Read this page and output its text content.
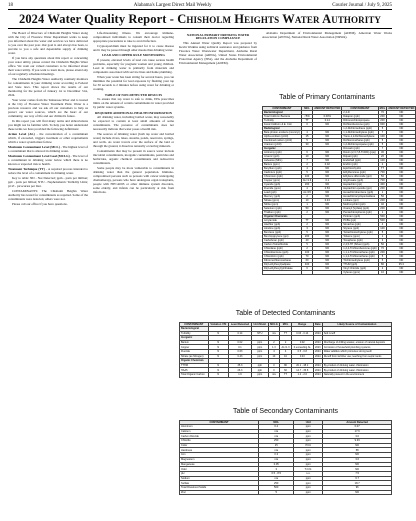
18	Alabama's Largest Direct Mail Weekly	Courier Journal / July 9, 2025
2024 Water Quality Report - Chisholm Heights Water Authority

The Board of Directors of Chisholm Heights Water along with the City of Florence Water Department wants to keep you informed about the water and services we have delivered to you over the past year. Our goal is and always has been, to provide to you a safe and dependable supply of drinking water.

If you have any questions about this report or concerning your water utility, please contact the Chisholm Heights Water office. We want our valued customers to be informed about their water utility. If you want to learn more, please attend any of our regularly scheduled meetings.

The Chisholm Heights Water Authority routinely monitors for contaminants in your drinking water according to Federal and State laws. This report shows the results of our monitoring for the period of January 1st to December 31st, 2024.

Your water comes from the Tennessee River and is treated at the City of Florence Water Treatment Plant. Water is a precious resource and we ask all our customers to help us protect our water sources, which are the heart of our community, our way of life and our children's future.

In this report you will find many terms and abbreviations you might not be familiar with. To help you better understand these terms we have provided the following definitions:

Action Level (AL) - the concentration of a contaminant which, if exceeded, triggers treatment or other requirements which a water system must follow.

Maximum Contaminant Level (MCL) - The highest level of a contaminant that is allowed in drinking water.

Maximum Contaminant Level Goal (MCLG) - The level of a contaminant in drinking water below which there is no known or expected risk to health.

Treatment Technique (TT) - A required process intended to reduce the level of a contaminant in drinking water.

Key to table: ND - Not Detected; ppm - parts per million; ppb - parts per billion; NTU - Nephelometric Turbidity Units; pCi/l - picocuries per liter.

CONTAMINANTS: The Chisholm Heights Water Authority has tested for contaminants as required. Some of the contaminants were detected, others were not.

Please call our office if you have questions.

Life-threatening illness. We encourage immune-compromised individuals to consult their doctor regarding appropriate precautions to take to avoid infection.

Cryptosporidium must be ingested for it to cause disease and it may be passed through other means than drinking water.

LEAD AND COPPER RULE MONITORING

If present, elevated levels of lead can cause serious health problems, especially for pregnant women and young children. Lead in drinking water is primarily from materials and components associated with service lines and home plumbing.

When your water has been sitting for several hours, you can minimize the potential for lead exposure by flushing your tap for 30 seconds to 2 minutes before using water for drinking or cooking.

TABLE OF NON-DETECTED RESULTS

To ensure that tap water is safe to drink, EPA prescribes limits on the amount of certain contaminants in water provided by public water systems.

REQUIRED ADDITIONAL HEALTH INFORMATION

All drinking water, including bottled water, may reasonably be expected to contain at least small amounts of some contaminants. The presence of contaminants does not necessarily indicate that water poses a health risk.

The sources of drinking water (both tap water and bottled water) include rivers, lakes, streams, ponds, reservoirs, springs, and wells. As water travels over the surface of the land or through the ground, it dissolves naturally occurring minerals.

Contaminants that may be present in source water include microbial contaminants, inorganic contaminants, pesticides and herbicides, organic chemical contaminants and radioactive contaminants.

Some people may be more vulnerable to contaminants in drinking water than the general population. Immuno-compromised persons such as persons with cancer undergoing chemotherapy, persons who have undergone organ transplants, people with HIV/AIDS or other immune system disorders, some elderly, and infants can be particularly at risk from infections.

NATIONAL PRIMARY DRINKING WATER REGULATION COMPLIANCE

This Annual Water Quality Report was prepared by Kevin Watkins using technical assistance and guidance from Florence Water Wastewater Department, Alabama Rural Water Association (ARWA), United States Environmental Protection Agency (EPA), and the Alabama Department of Environmental Management (ADEM).

Alabama Department of Environmental Management (ADEM), American Water Works Association (AWWA), National Rural Water Association (NRWA).

Table of Primary Contaminants
CONTAMINANT	MCL	AMOUNT DETECTED	CONTAMINANT	MCL	AMOUNT DETECTED
Bacteriological			2,4-D	70	ND
Total Coliform Bacteria	<5%	0.00%	Dalapon (ppb)	200	ND
Turbidity	TT	0.14	Dibromochloropropane	200	ND
Fecal Coliform & E. Coli	0	ND	Dichlorobenzene (ppb)	600	ND
Radiological			1,2-Dichloroethane (ppb)	5	ND
Beta photon emitters (mrem/yr)	4	ND	1,1-Dichloroethylene (ppb)	7	ND
Alpha emitters (pCi/l)	15	ND	Trans-1,2-Dichloroethylene	100	ND
Combined radium (pCi/l)	5	ND	Dichloromethane (ppb)	5	ND
Uranium (pCi/l)	30	ND	1,2-Dichloropropane (ppb)	5	ND
Inorganic			Dinoseb (ppb)	7	ND
Antimony (ppb)	6	ND	Dioxin (2,3,7,8-TCDD) (ppq)	30	ND
Arsenic (ppb)	10	ND	Diquat (ppb)	20	ND
Asbestos (MFL)	7	ND	Endothall (ppb)	100	ND
Barium (ppm)	2	0.02	Endrin (ppb)	2	ND
Beryllium (ppb)	4	ND	Epichlorohydrin	TT	ND
Cadmium (ppb)	5	ND	Ethylbenzene (ppb)	700	ND
Chromium (ppb)	100	ND	Ethylene dibromide (ppt)	50	ND
Copper (ppm)	AL=1.3	0.1	Glyphosate (ppb)	700	ND
Cyanide (ppb)	200	ND	Heptachlor (ppt)	400	ND
Fluoride (ppm)	4	0.63	Heptachlor epoxide (ppt)	200	ND
Lead (ppb)	AL=15	ND	Hexachlorobenzene (ppb)	1	ND
Mercury (ppb)	2	ND	Hexachlorocyclopentadiene	50	ND
Nitrate (ppm)	10	0.43	Lindane (ppt)	200	ND
Nitrite (ppm)	1	ND	Methoxychlor (ppb)	40	ND
Selenium (ppb)	50	ND	Oxamyl [Vydate] (ppb)	200	ND
Thallium (ppb)	2	ND	Pentachlorophenol (ppb)	1	ND
Organic Chemicals			Picloram (ppb)	500	ND
Acrylamide	TT	ND	PCBs (ppt)	500	ND
Alachlor (ppb)	2	ND	Simazine (ppb)	4	ND
Atrazine (ppb)	3	ND	Styrene (ppb)	100	ND
Benzene (ppb)	5	ND	Tetrachloroethylene (ppb)	5	ND
Benzo(a)pyrene (ppt)	200	ND	Toluene (ppm)	1	ND
Carbofuran (ppb)	40	ND	Toxaphene (ppb)	3	ND
Carbon Tetrachloride	5	ND	2,4,5-TP (Silvex) (ppb)	50	ND
Chlordane (ppb)	2	ND	1,2,4-Trichlorobenzene (ppb)	70	ND
Chlorobenzene (ppb)	100	ND	1,1,1-Trichloroethane (ppb)	200	ND
Chloroform (ppb)	70	ND	1,1,2-Trichloroethane (ppb)	5	ND
Dibromochloromethane	60	ND	Trichloroethylene (ppb)	5	ND
Di(2-ethylhexyl)adipate	400	ND	TTHM (ppb)	80	35.3
Di(2-ethylhexyl)phthalate	6	ND	Vinyl Chloride (ppb)	2	ND
			Xylenes (ppm)	10	ND
Table of Detected Contaminants
CONTAMINANT	Violation Y/N	Level Detected	Unit Msmt	MCLG	MCL	Range	Date	Likely Source of Contamination
Bacteriological								
Turbidity	N	0.14	NTU	n/a	TT	0.03 - 0.14	2024	Soil runoff
Inorganic								
Barium	N	0.02	ppm	2	2	0.02	2024	Discharge of drilling wastes; erosion of natural deposits
Copper	N	0.1	ppm	1.3	AL=1.3	0 exceeding AL	2023	Corrosion of household plumbing systems
Fluoride	N	0.63	ppm	4	4	0.5 - 0.8	2024	Water additive which promotes strong teeth
Nitrate (as Nitrogen)	N	0.43	ppm	10	10	0.43	2024	Runoff from fertilizer use; leaching from septic tanks
Organic Chemicals								
TTHM	N	35.3	ppb	0	80	20.1 - 48.2	2024	By-product of drinking water chlorination
HAA5	N	26.3	ppb	0	60	14.7 - 36.8	2024	By-product of drinking water chlorination
Total Organic Carbon	N	1.9	ppm	n/a	TT	1.2 - 2.6	2024	Naturally present in the environment
Table of Secondary Contaminants
CONTAMINANT	MCL	Unit	Amount Detected
Aluminum	0.2	ppm	0.07
Calcium	n/a	ppm	17.6
Carbon Dioxide	n/a	ppm	3.0
Chloride	250	ppm	9.39
Color	15	PCU	ND
Hardness	n/a	ppm	58
Iron	0.3	ppm	ND
Magnesium	n/a	ppm	3.6
Manganese	0.05	ppm	ND
Odor	3	T.O.N.	ND
pH	6.5 - 8.5	s.u.	7.5
Sodium	n/a	ppm	6.7
Sulfate	250	ppm	18.7
Total Dissolved Solids	500	ppm	96
Zinc	5	ppm	ND
